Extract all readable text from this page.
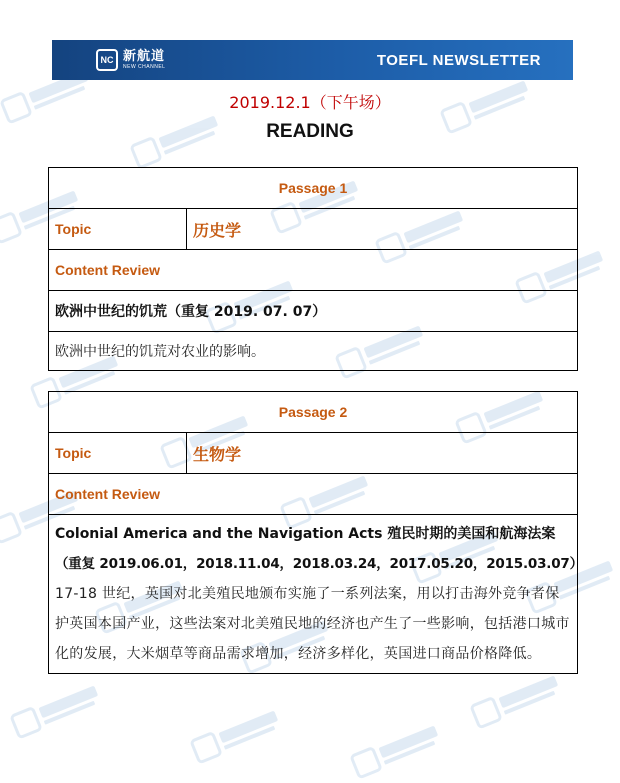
NC 新航道
NEW CHANNEL	TOEFL NEWSLETTER
2019.12.1（下午场）
READING
Passage 1
Topic	历史学
Content Review
欧洲中世纪的饥荒（重复 2019. 07. 07）
欧洲中世纪的饥荒对农业的影响。
Passage 2
Topic	生物学
Content Review

Colonial America and the Navigation Acts 殖民时期的美国和航海法案
（重复 2019.06.01，2018.11.04，2018.03.24，2017.05.20，2015.03.07）
17-18 世纪，英国对北美殖民地颁布实施了一系列法案，用以打击海外竞争者保护英国本国产业，这些法案对北美殖民地的经济也产生了一些影响，包括港口城市化的发展，大米烟草等商品需求增加，经济多样化，英国进口商品价格降低。
